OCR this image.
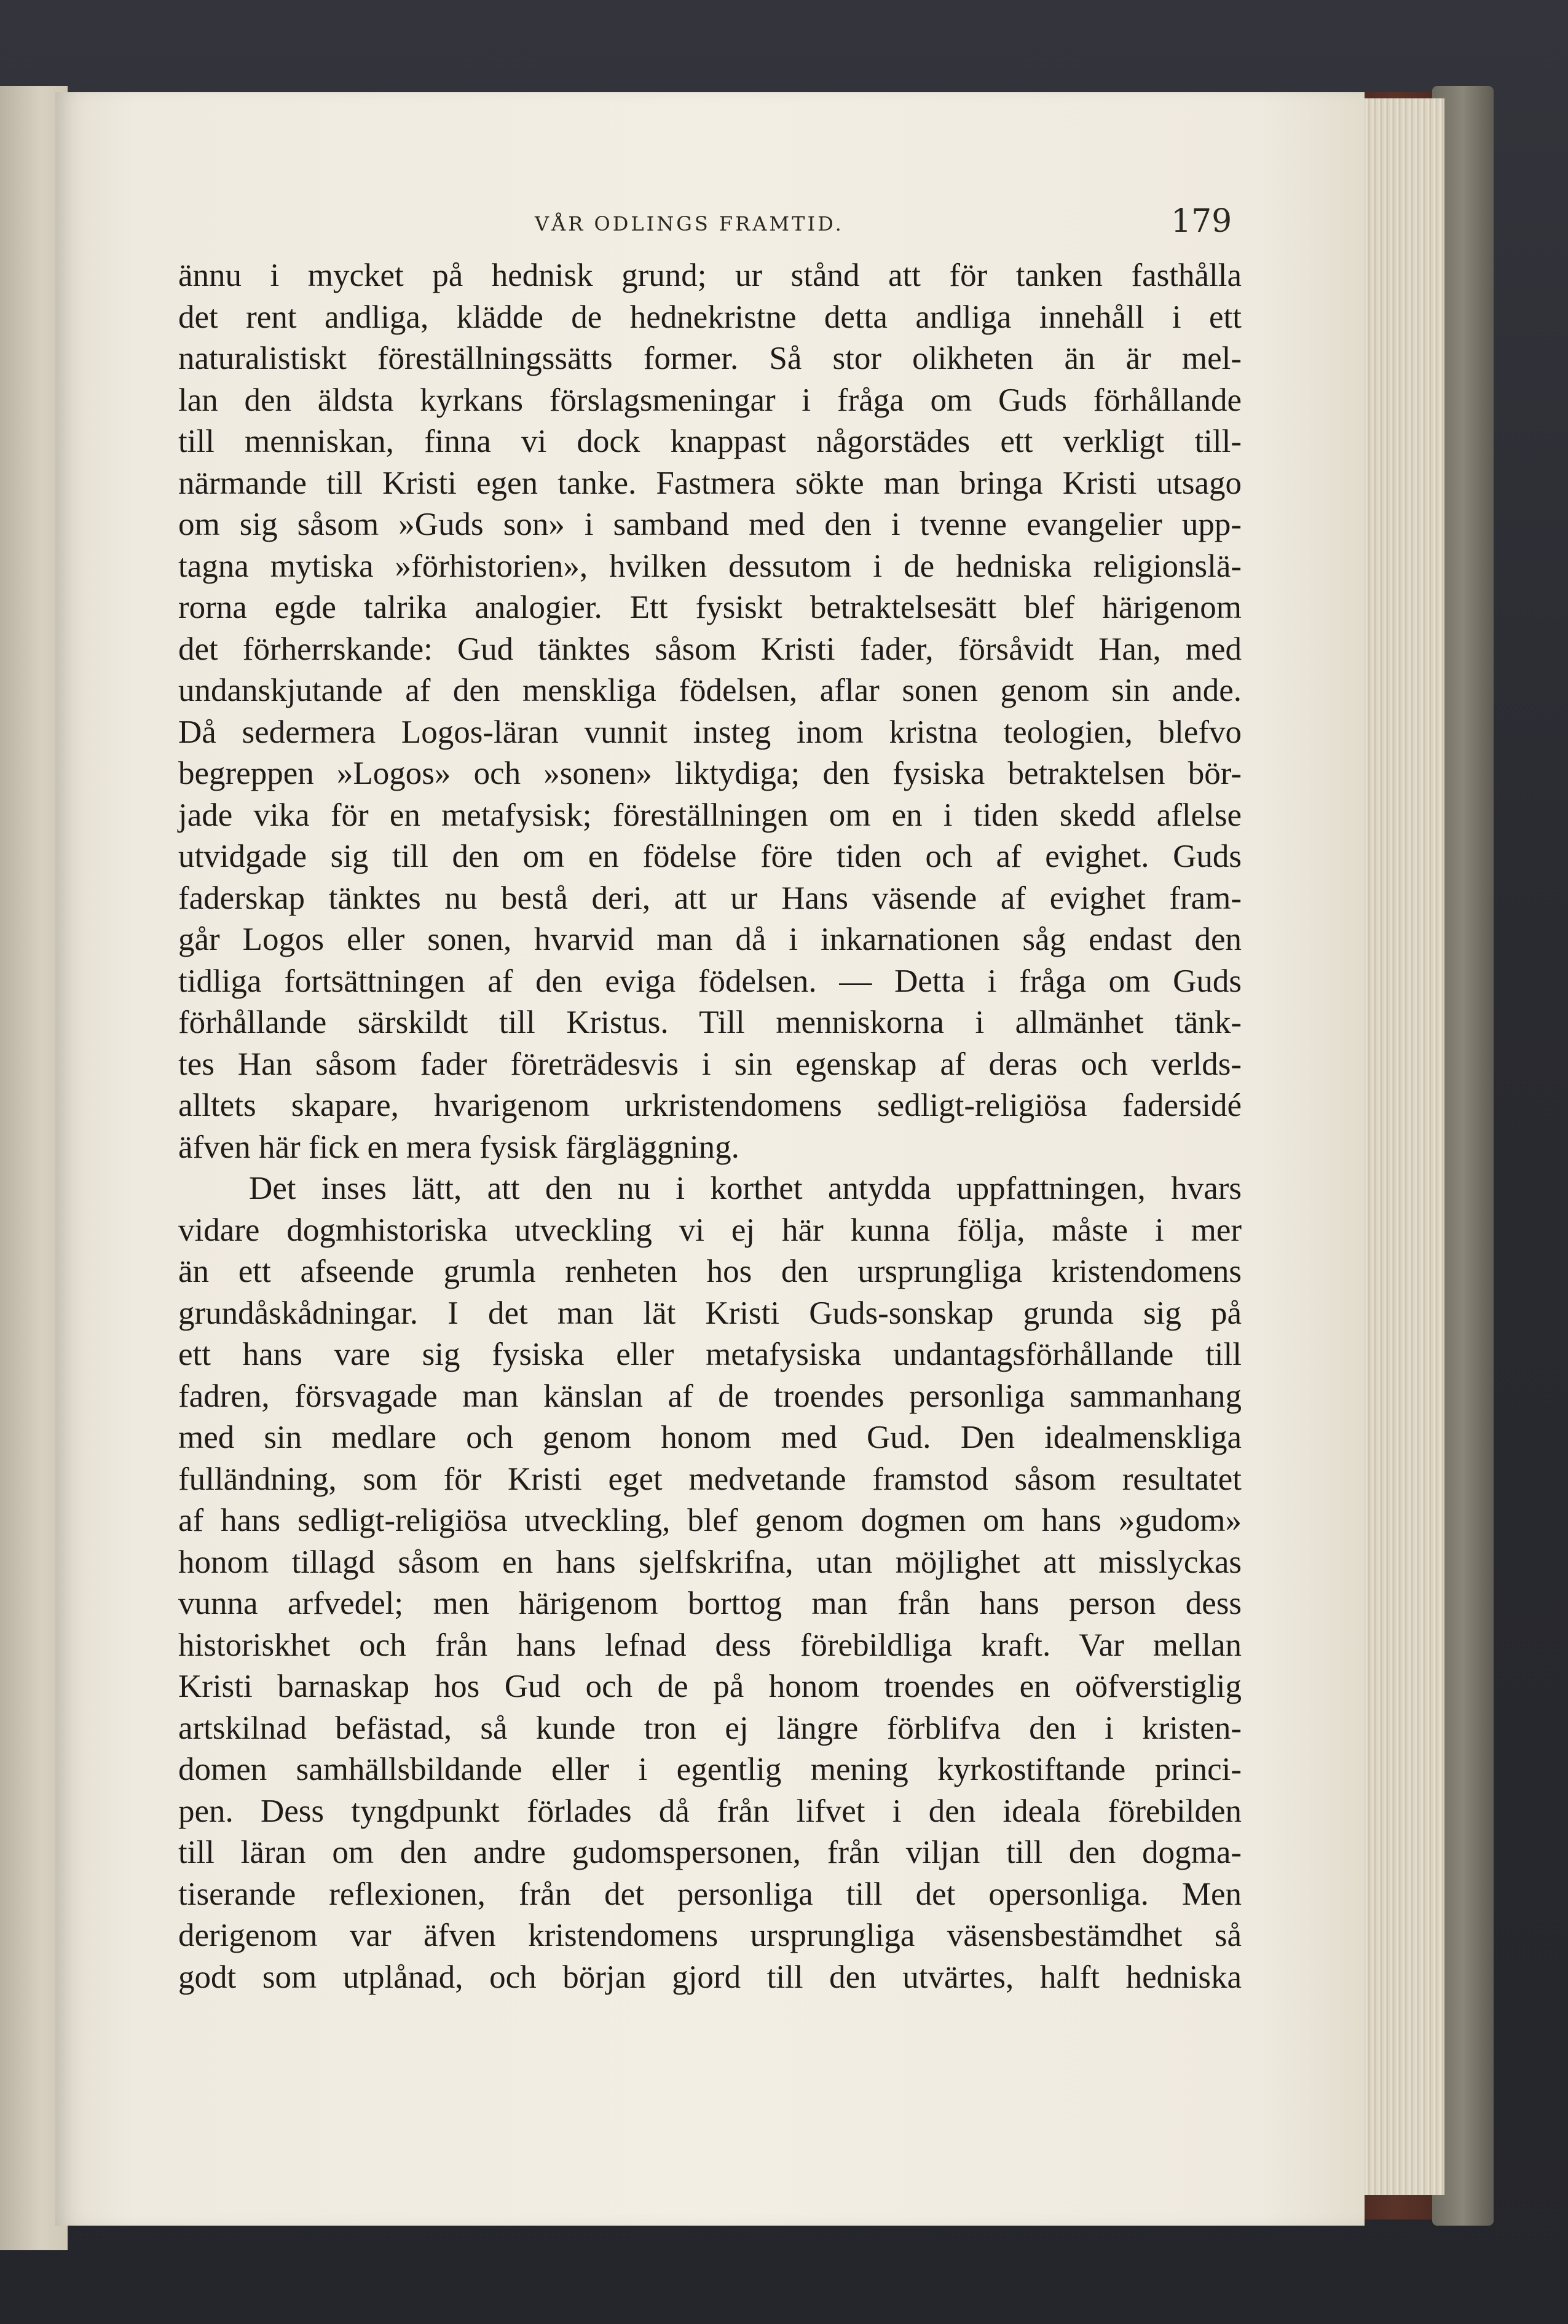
VÅR ODLINGS FRAMTID.	179
ännu i mycket på hednisk grund; ur stånd att för tanken fasthålla
det rent andliga, klädde de hednekristne detta andliga innehåll i ett
naturalistiskt föreställningssätts former. Så stor olikheten än är mel-
lan den äldsta kyrkans förslagsmeningar i fråga om Guds förhållande
till menniskan, finna vi dock knappast någorstädes ett verkligt till-
närmande till Kristi egen tanke. Fastmera sökte man bringa Kristi utsago
om sig såsom »Guds son» i samband med den i tvenne evangelier upp-
tagna mytiska »förhistorien», hvilken dessutom i de hedniska religionslä-
rorna egde talrika analogier. Ett fysiskt betraktelsesätt blef härigenom
det förherrskande: Gud tänktes såsom Kristi fader, försåvidt Han, med
undanskjutande af den menskliga födelsen, aflar sonen genom sin ande.
Då sedermera Logos-läran vunnit insteg inom kristna teologien, blefvo
begreppen »Logos» och »sonen» liktydiga; den fysiska betraktelsen bör-
jade vika för en metafysisk; föreställningen om en i tiden skedd aflelse
utvidgade sig till den om en födelse före tiden och af evighet. Guds
faderskap tänktes nu bestå deri, att ur Hans väsende af evighet fram-
går Logos eller sonen, hvarvid man då i inkarnationen såg endast den
tidliga fortsättningen af den eviga födelsen. — Detta i fråga om Guds
förhållande särskildt till Kristus. Till menniskorna i allmänhet tänk-
tes Han såsom fader företrädesvis i sin egenskap af deras och verlds-
alltets skapare, hvarigenom urkristendomens sedligt-religiösa fadersidé
äfven här fick en mera fysisk färgläggning.
Det inses lätt, att den nu i korthet antydda uppfattningen, hvars
vidare dogmhistoriska utveckling vi ej här kunna följa, måste i mer
än ett afseende grumla renheten hos den ursprungliga kristendomens
grundåskådningar. I det man lät Kristi Guds-sonskap grunda sig på
ett hans vare sig fysiska eller metafysiska undantagsförhållande till
fadren, försvagade man känslan af de troendes personliga sammanhang
med sin medlare och genom honom med Gud. Den idealmenskliga
fulländning, som för Kristi eget medvetande framstod såsom resultatet
af hans sedligt-religiösa utveckling, blef genom dogmen om hans »gudom»
honom tillagd såsom en hans sjelfskrifna, utan möjlighet att misslyckas
vunna arfvedel; men härigenom borttog man från hans person dess
historiskhet och från hans lefnad dess förebildliga kraft. Var mellan
Kristi barnaskap hos Gud och de på honom troendes en oöfverstiglig
artskilnad befästad, så kunde tron ej längre förblifva den i kristen-
domen samhällsbildande eller i egentlig mening kyrkostiftande princi-
pen. Dess tyngdpunkt förlades då från lifvet i den ideala förebilden
till läran om den andre gudomspersonen, från viljan till den dogma-
tiserande reflexionen, från det personliga till det opersonliga. Men
derigenom var äfven kristendomens ursprungliga väsensbestämdhet så
godt som utplånad, och början gjord till den utvärtes, halft hedniska
